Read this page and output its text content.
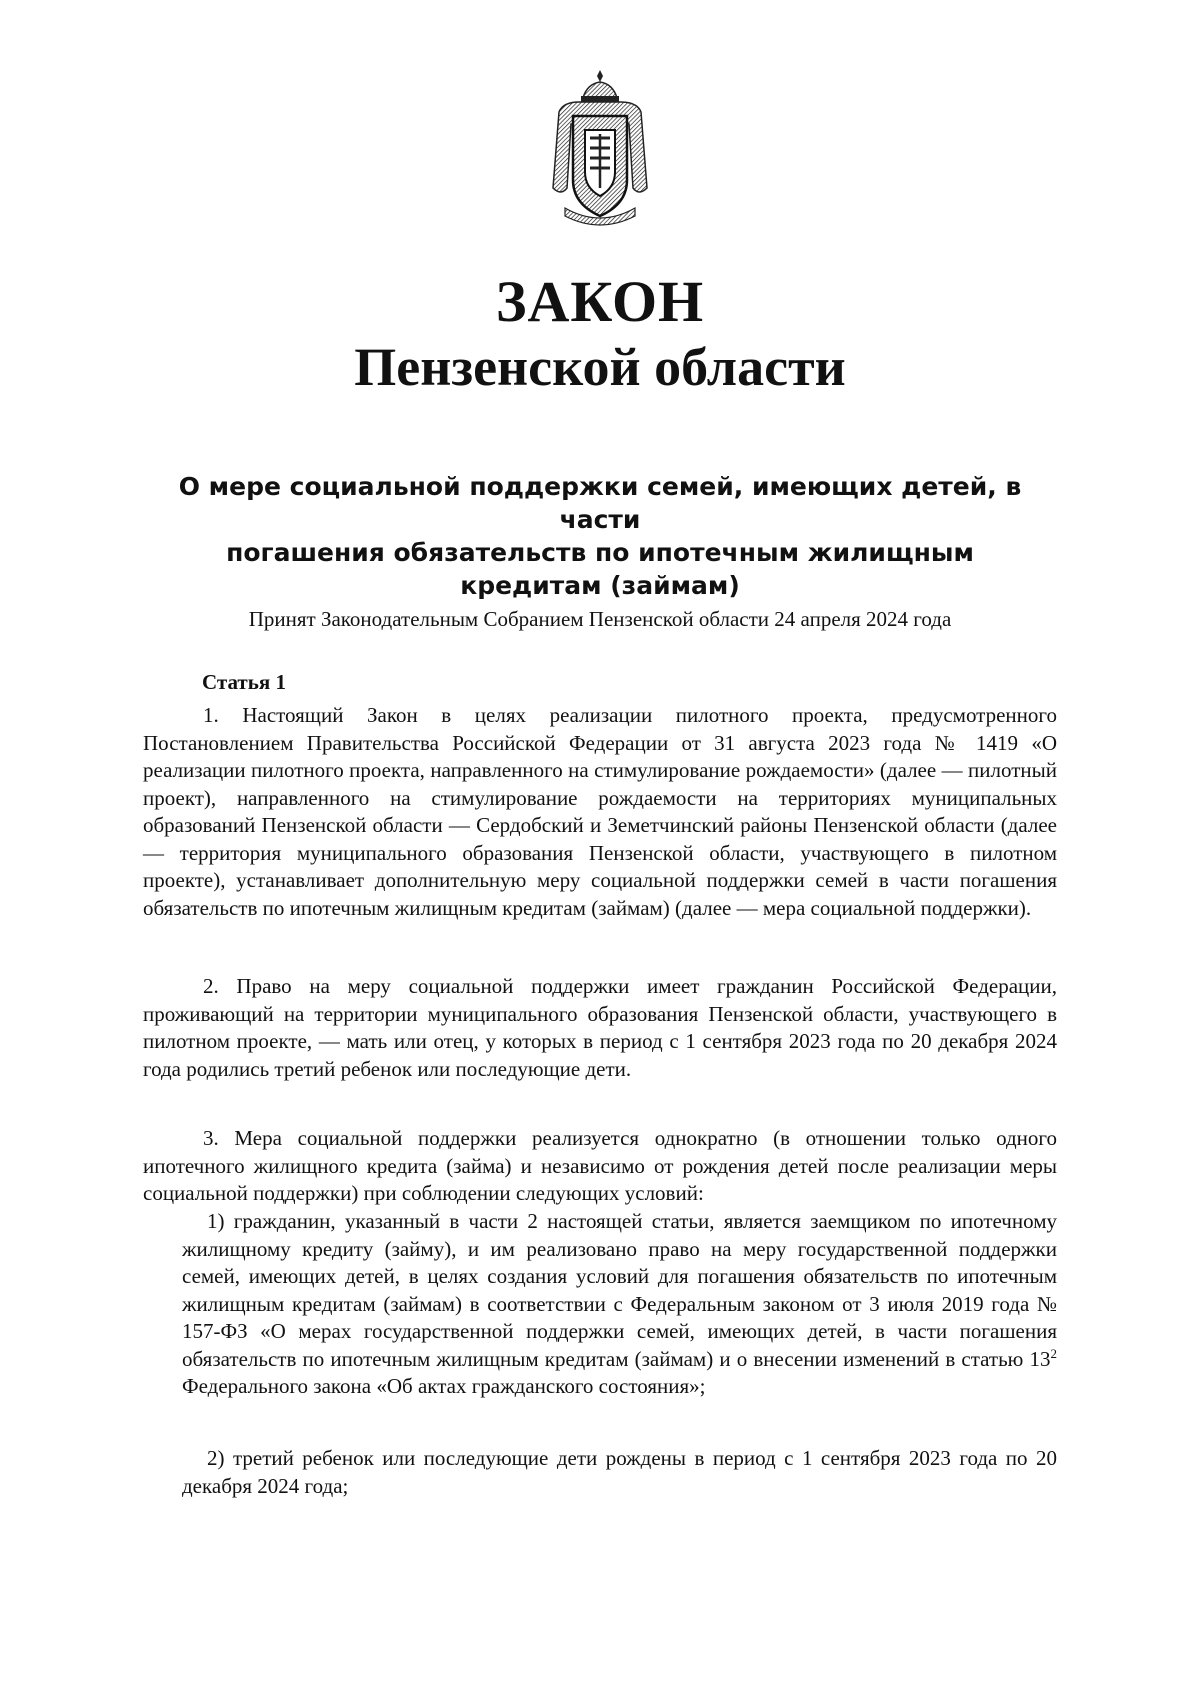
ЗАКОН
Пензенской области
О мере социальной поддержки семей, имеющих детей, в части
погашения обязательств по ипотечным жилищным
кредитам (займам)
Принят Законодательным Собранием Пензенской области 24 апреля 2024 года
Статья 1
1. Настоящий Закон в целях реализации пилотного проекта, предусмотренного Постановлением Правительства Российской Федерации от 31 августа 2023 года № 1419 «О реализации пилотного проекта, направленного на стимулирование рождаемости» (далее — пилотный проект), направленного на стимулирование рождаемости на территориях муниципальных образований Пензенской области — Сердобский и Земетчинский районы Пензенской области (далее — территория муниципального образования Пензенской области, участвующего в пилотном проекте), устанавливает дополнительную меру социальной поддержки семей в части погашения обязательств по ипотечным жилищным кредитам (займам) (далее — мера социальной поддержки).
2. Право на меру социальной поддержки имеет гражданин Российской Федерации, проживающий на территории муниципального образования Пензенской области, участвующего в пилотном проекте, — мать или отец, у которых в период с 1 сентября 2023 года по 20 декабря 2024 года родились третий ребенок или последующие дети.
3. Мера социальной поддержки реализуется однократно (в отношении только одного ипотечного жилищного кредита (займа) и независимо от рождения детей после реализации меры социальной поддержки) при соблюдении следующих условий:
1) гражданин, указанный в части 2 настоящей статьи, является заемщиком по ипотечному жилищному кредиту (займу), и им реализовано право на меру государственной поддержки семей, имеющих детей, в целях создания условий для погашения обязательств по ипотечным жилищным кредитам (займам) в соответствии с Федеральным законом от 3 июля 2019 года № 157-ФЗ «О мерах государственной поддержки семей, имеющих детей, в части погашения обязательств по ипотечным жилищным кредитам (займам) и о внесении изменений в статью $13^2$ Федерального закона «Об актах гражданского состояния»;
2) третий ребенок или последующие дети рождены в период с 1 сентября 2023 года по 20 декабря 2024 года;
